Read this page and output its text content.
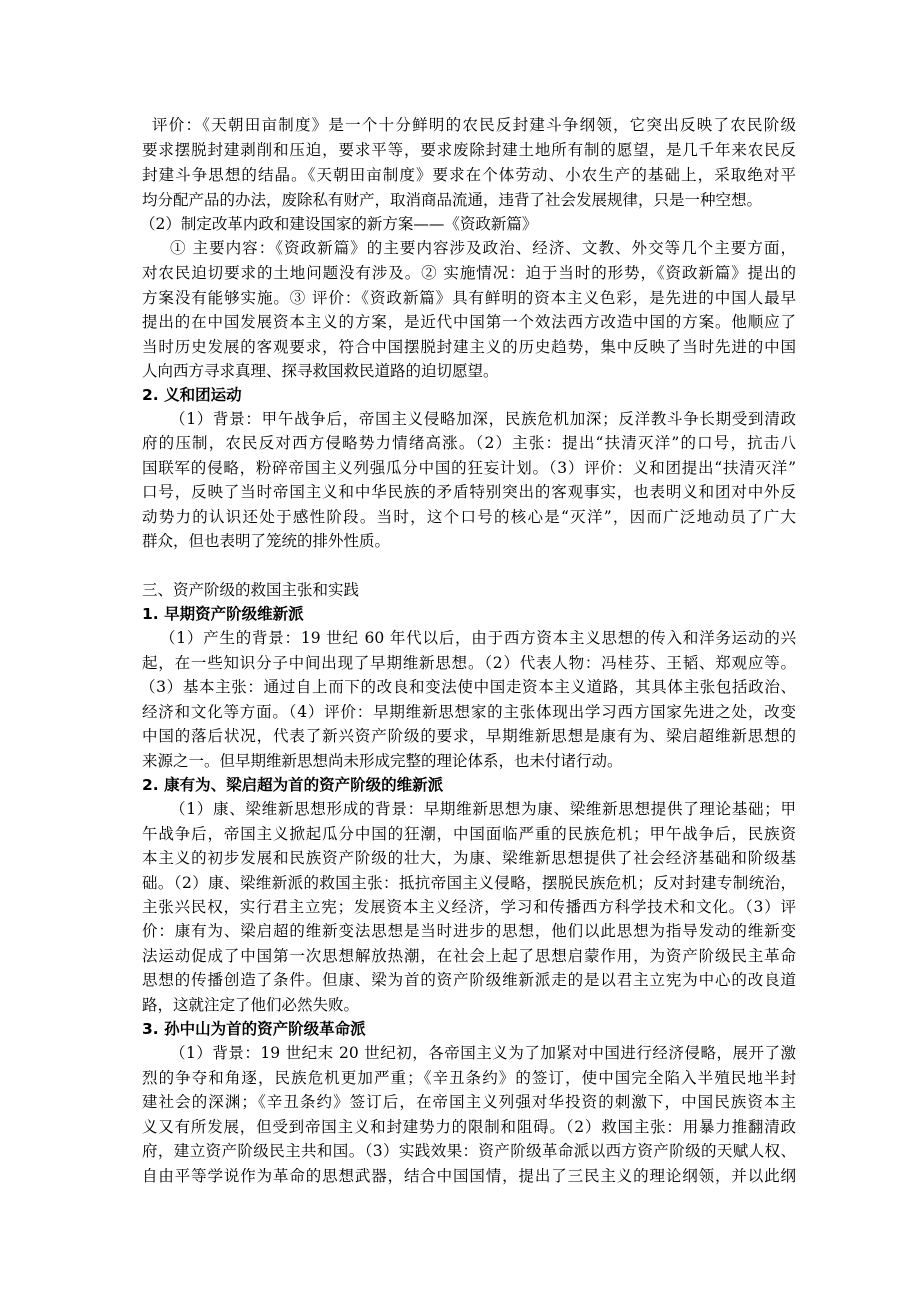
评价：《天朝田亩制度》是一个十分鲜明的农民反封建斗争纲领，它突出反映了农民阶级
要求摆脱封建剥削和压迫，要求平等，要求废除封建土地所有制的愿望，是几千年来农民反
封建斗争思想的结晶。《天朝田亩制度》要求在个体劳动、小农生产的基础上，采取绝对平
均分配产品的办法，废除私有财产，取消商品流通，违背了社会发展规律，只是一种空想。
（2）制定改革内政和建设国家的新方案——《资政新篇》
① 主要内容：《资政新篇》的主要内容涉及政治、经济、文教、外交等几个主要方面，
对农民迫切要求的土地问题没有涉及。② 实施情况：迫于当时的形势，《资政新篇》提出的
方案没有能够实施。③ 评价：《资政新篇》具有鲜明的资本主义色彩，是先进的中国人最早
提出的在中国发展资本主义的方案，是近代中国第一个效法西方改造中国的方案。他顺应了
当时历史发展的客观要求，符合中国摆脱封建主义的历史趋势，集中反映了当时先进的中国
人向西方寻求真理、探寻救国救民道路的迫切愿望。
2. 义和团运动
（1）背景：甲午战争后，帝国主义侵略加深，民族危机加深；反洋教斗争长期受到清政
府的压制，农民反对西方侵略势力情绪高涨。（2）主张：提出“扶清灭洋”的口号，抗击八
国联军的侵略，粉碎帝国主义列强瓜分中国的狂妄计划。（3）评价：义和团提出“扶清灭洋”
口号，反映了当时帝国主义和中华民族的矛盾特别突出的客观事实，也表明义和团对中外反
动势力的认识还处于感性阶段。当时，这个口号的核心是“灭洋”，因而广泛地动员了广大
群众，但也表明了笼统的排外性质。
三、资产阶级的救国主张和实践
1. 早期资产阶级维新派
（1）产生的背景：19 世纪 60 年代以后，由于西方资本主义思想的传入和洋务运动的兴
起，在一些知识分子中间出现了早期维新思想。（2）代表人物：冯桂芬、王韬、郑观应等。
（3）基本主张：通过自上而下的改良和变法使中国走资本主义道路，其具体主张包括政治、
经济和文化等方面。（4）评价：早期维新思想家的主张体现出学习西方国家先进之处，改变
中国的落后状况，代表了新兴资产阶级的要求，早期维新思想是康有为、梁启超维新思想的
来源之一。但早期维新思想尚未形成完整的理论体系，也未付诸行动。
2. 康有为、梁启超为首的资产阶级的维新派
（1）康、梁维新思想形成的背景：早期维新思想为康、梁维新思想提供了理论基础；甲
午战争后，帝国主义掀起瓜分中国的狂潮，中国面临严重的民族危机；甲午战争后，民族资
本主义的初步发展和民族资产阶级的壮大，为康、梁维新思想提供了社会经济基础和阶级基
础。（2）康、梁维新派的救国主张：抵抗帝国主义侵略，摆脱民族危机；反对封建专制统治，
主张兴民权，实行君主立宪；发展资本主义经济，学习和传播西方科学技术和文化。（3）评
价：康有为、梁启超的维新变法思想是当时进步的思想，他们以此思想为指导发动的维新变
法运动促成了中国第一次思想解放热潮，在社会上起了思想启蒙作用，为资产阶级民主革命
思想的传播创造了条件。但康、梁为首的资产阶级维新派走的是以君主立宪为中心的改良道
路，这就注定了他们必然失败。
3. 孙中山为首的资产阶级革命派
（1）背景：19 世纪末 20 世纪初，各帝国主义为了加紧对中国进行经济侵略，展开了激
烈的争夺和角逐，民族危机更加严重；《辛丑条约》的签订，使中国完全陷入半殖民地半封
建社会的深渊；《辛丑条约》签订后，在帝国主义列强对华投资的刺激下，中国民族资本主
义又有所发展，但受到帝国主义和封建势力的限制和阻碍。（2）救国主张：用暴力推翻清政
府，建立资产阶级民主共和国。（3）实践效果：资产阶级革命派以西方资产阶级的天赋人权、
自由平等学说作为革命的思想武器，结合中国国情，提出了三民主义的理论纲领，并以此纲
